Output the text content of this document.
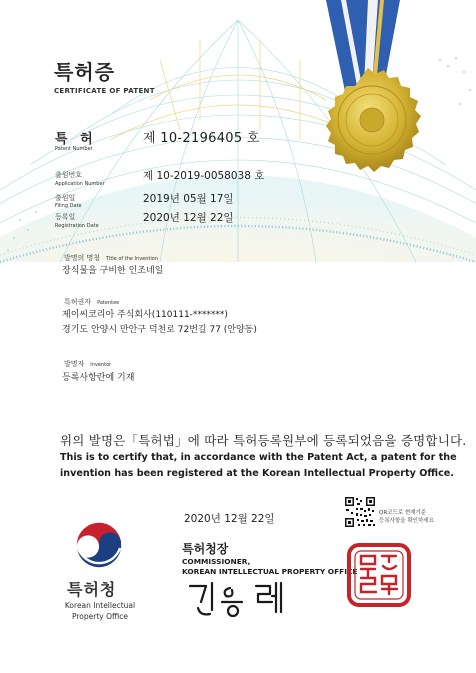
특허증
CERTIFICATE OF PATENT
특 허
Patent Number
제 10-2196405 호
출원번호
Application Number
제 10-2019-0058038 호
출원일
Filing Date
2019년 05월 17일
등록일
Registration Date
2020년 12월 22일
발명의 명칭 Title of the Invention
장식물을 구비한 인조네일
특허권자 Patentee
제이씨코리아 주식회사(110111-*******)
경기도 안양시 만안구 덕천로 72번길 77 (안양동)
발명자 Inventor
등록사항란에 기재
위의 발명은「특허법」에 따라 특허등록원부에 등록되었음을 증명합니다.
This is to certify that, in accordance with the Patent Act, a patent for the invention has been registered at the Korean Intellectual Property Office.
2020년 12월 22일
특허청장
COMMISSIONER,
KOREAN INTELLECTUAL PROPERTY OFFICE
특허청
Korean Intellectual Property Office
QR코드로 현재기준
등록사항을 확인하세요
